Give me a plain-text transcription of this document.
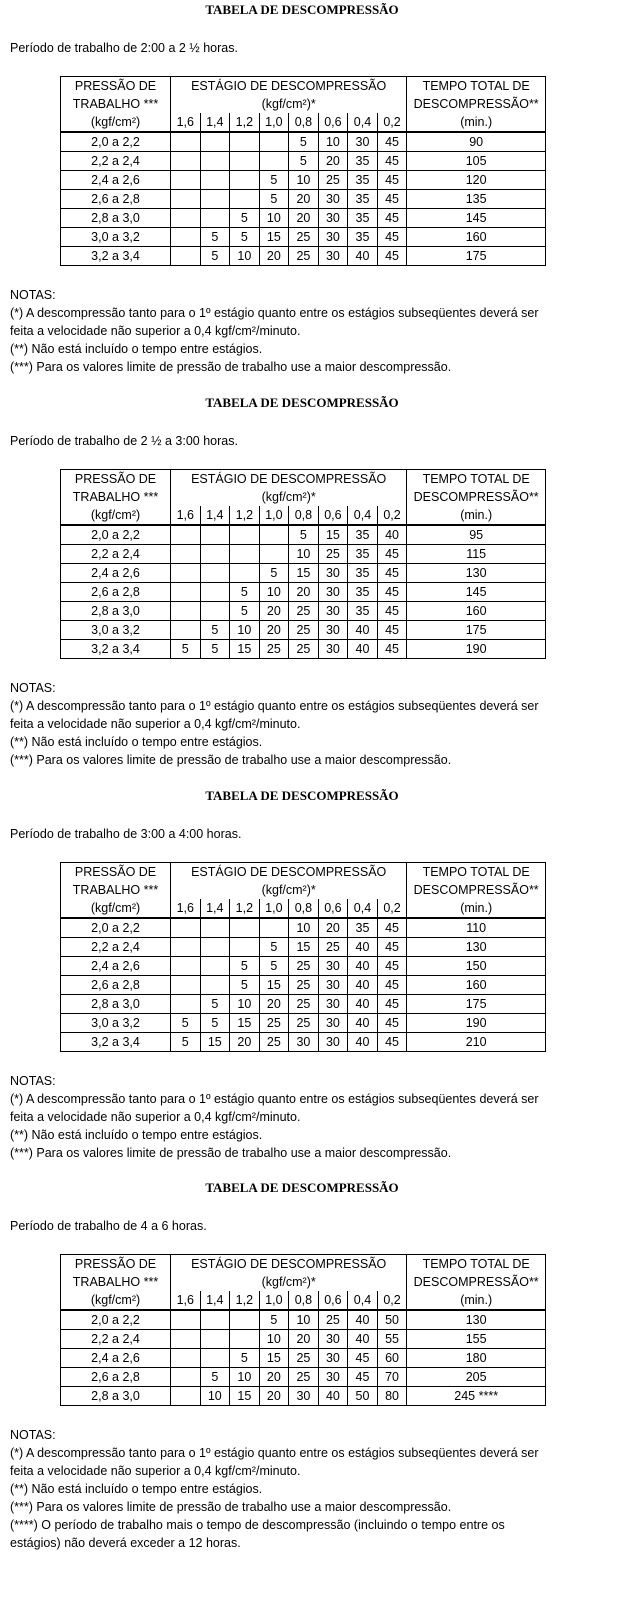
TABELA DE DESCOMPRESSÃO
Período de trabalho de 2:00 a 2 ½ horas.
PRESSÃO DE	ESTÁGIO DE DESCOMPRESSÃO								TEMPO TOTAL DE
TRABALHO ***	(kgf/cm²)*								DESCOMPRESSÃO**
(kgf/cm²)	1,6	1,4	1,2	1,0	0,8	0,6	0,4	0,2	(min.)
2,0 a 2,2					5	10	30	45	90
2,2 a 2,4					5	20	35	45	105
2,4 a 2,6				5	10	25	35	45	120
2,6 a 2,8				5	20	30	35	45	135
2,8 a 3,0			5	10	20	30	35	45	145
3,0 a 3,2		5	5	15	25	30	35	45	160
3,2 a 3,4		5	10	20	25	30	40	45	175
NOTAS:
(*) A descompressão tanto para o 1º estágio quanto entre os estágios subseqüentes deverá ser
feita a velocidade não superior a 0,4 kgf/cm²/minuto.
(**) Não está incluído o tempo entre estágios.
(***) Para os valores limite de pressão de trabalho use a maior descompressão.
TABELA DE DESCOMPRESSÃO
Período de trabalho de 2 ½ a 3:00 horas.
PRESSÃO DE	ESTÁGIO DE DESCOMPRESSÃO								TEMPO TOTAL DE
TRABALHO ***	(kgf/cm²)*								DESCOMPRESSÃO**
(kgf/cm²)	1,6	1,4	1,2	1,0	0,8	0,6	0,4	0,2	(min.)
2,0 a 2,2					5	15	35	40	95
2,2 a 2,4					10	25	35	45	115
2,4 a 2,6				5	15	30	35	45	130
2,6 a 2,8			5	10	20	30	35	45	145
2,8 a 3,0			5	20	25	30	35	45	160
3,0 a 3,2		5	10	20	25	30	40	45	175
3,2 a 3,4	5	5	15	25	25	30	40	45	190
NOTAS:
(*) A descompressão tanto para o 1º estágio quanto entre os estágios subseqüentes deverá ser
feita a velocidade não superior a 0,4 kgf/cm²/minuto.
(**) Não está incluído o tempo entre estágios.
(***) Para os valores limite de pressão de trabalho use a maior descompressão.
TABELA DE DESCOMPRESSÃO
Período de trabalho de 3:00 a 4:00 horas.
PRESSÃO DE	ESTÁGIO DE DESCOMPRESSÃO								TEMPO TOTAL DE
TRABALHO ***	(kgf/cm²)*								DESCOMPRESSÃO**
(kgf/cm²)	1,6	1,4	1,2	1,0	0,8	0,6	0,4	0,2	(min.)
2,0 a 2,2					10	20	35	45	110
2,2 a 2,4				5	15	25	40	45	130
2,4 a 2,6			5	5	25	30	40	45	150
2,6 a 2,8			5	15	25	30	40	45	160
2,8 a 3,0		5	10	20	25	30	40	45	175
3,0 a 3,2	5	5	15	25	25	30	40	45	190
3,2 a 3,4	5	15	20	25	30	30	40	45	210
NOTAS:
(*) A descompressão tanto para o 1º estágio quanto entre os estágios subseqüentes deverá ser
feita a velocidade não superior a 0,4 kgf/cm²/minuto.
(**) Não está incluído o tempo entre estágios.
(***) Para os valores limite de pressão de trabalho use a maior descompressão.
TABELA DE DESCOMPRESSÃO
Período de trabalho de 4 a 6 horas.
PRESSÃO DE	ESTÁGIO DE DESCOMPRESSÃO								TEMPO TOTAL DE
TRABALHO ***	(kgf/cm²)*								DESCOMPRESSÃO**
(kgf/cm²)	1,6	1,4	1,2	1,0	0,8	0,6	0,4	0,2	(min.)
2,0 a 2,2				5	10	25	40	50	130
2,2 a 2,4				10	20	30	40	55	155
2,4 a 2,6			5	15	25	30	45	60	180
2,6 a 2,8		5	10	20	25	30	45	70	205
2,8 a 3,0		10	15	20	30	40	50	80	245 ****
NOTAS:
(*) A descompressão tanto para o 1º estágio quanto entre os estágios subseqüentes deverá ser
feita a velocidade não superior a 0,4 kgf/cm²/minuto.
(**) Não está incluído o tempo entre estágios.
(***) Para os valores limite de pressão de trabalho use a maior descompressão.
(****) O período de trabalho mais o tempo de descompressão (incluindo o tempo entre os
estágios) não deverá exceder a 12 horas.
